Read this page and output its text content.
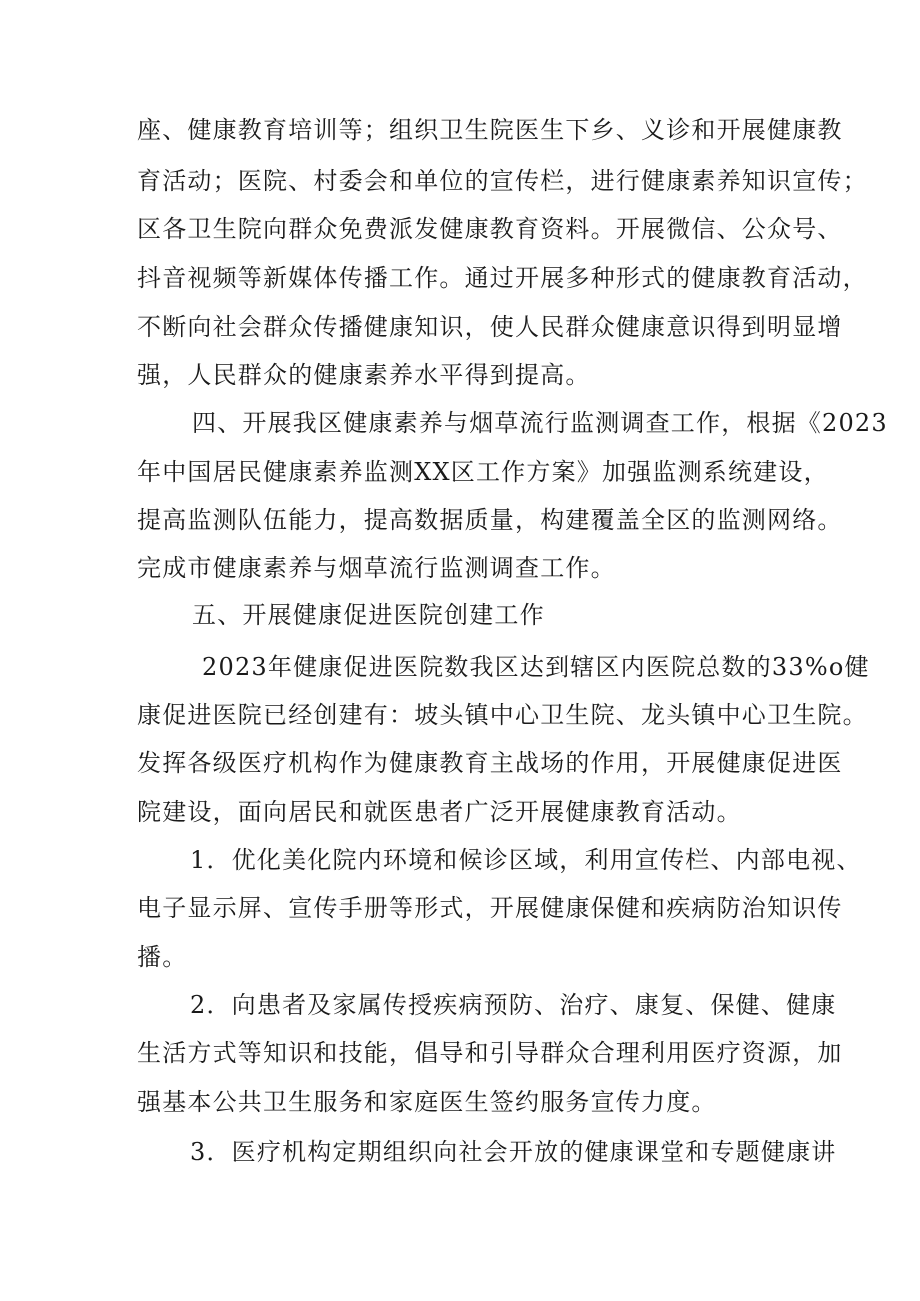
座、健康教育培训等；组织卫生院医生下乡、义诊和开展健康教
育活动；医院、村委会和单位的宣传栏，进行健康素养知识宣传；
区各卫生院向群众免费派发健康教育资料。开展微信、公众号、
抖音视频等新媒体传播工作。通过开展多种形式的健康教育活动，
不断向社会群众传播健康知识，使人民群众健康意识得到明显增
强，人民群众的健康素养水平得到提高。
四、开展我区健康素养与烟草流行监测调查工作，根据《2023
年中国居民健康素养监测XX区工作方案》加强监测系统建设，
提高监测队伍能力，提高数据质量，构建覆盖全区的监测网络。
完成市健康素养与烟草流行监测调查工作。
五、开展健康促进医院创建工作
2023年健康促进医院数我区达到辖区内医院总数的33%o健
康促进医院已经创建有：坡头镇中心卫生院、龙头镇中心卫生院。
发挥各级医疗机构作为健康教育主战场的作用，开展健康促进医
院建设，面向居民和就医患者广泛开展健康教育活动。
1．优化美化院内环境和候诊区域，利用宣传栏、内部电视、
电子显示屏、宣传手册等形式，开展健康保健和疾病防治知识传
播。
2．向患者及家属传授疾病预防、治疗、康复、保健、健康
生活方式等知识和技能，倡导和引导群众合理利用医疗资源，加
强基本公共卫生服务和家庭医生签约服务宣传力度。
3．医疗机构定期组织向社会开放的健康课堂和专题健康讲
